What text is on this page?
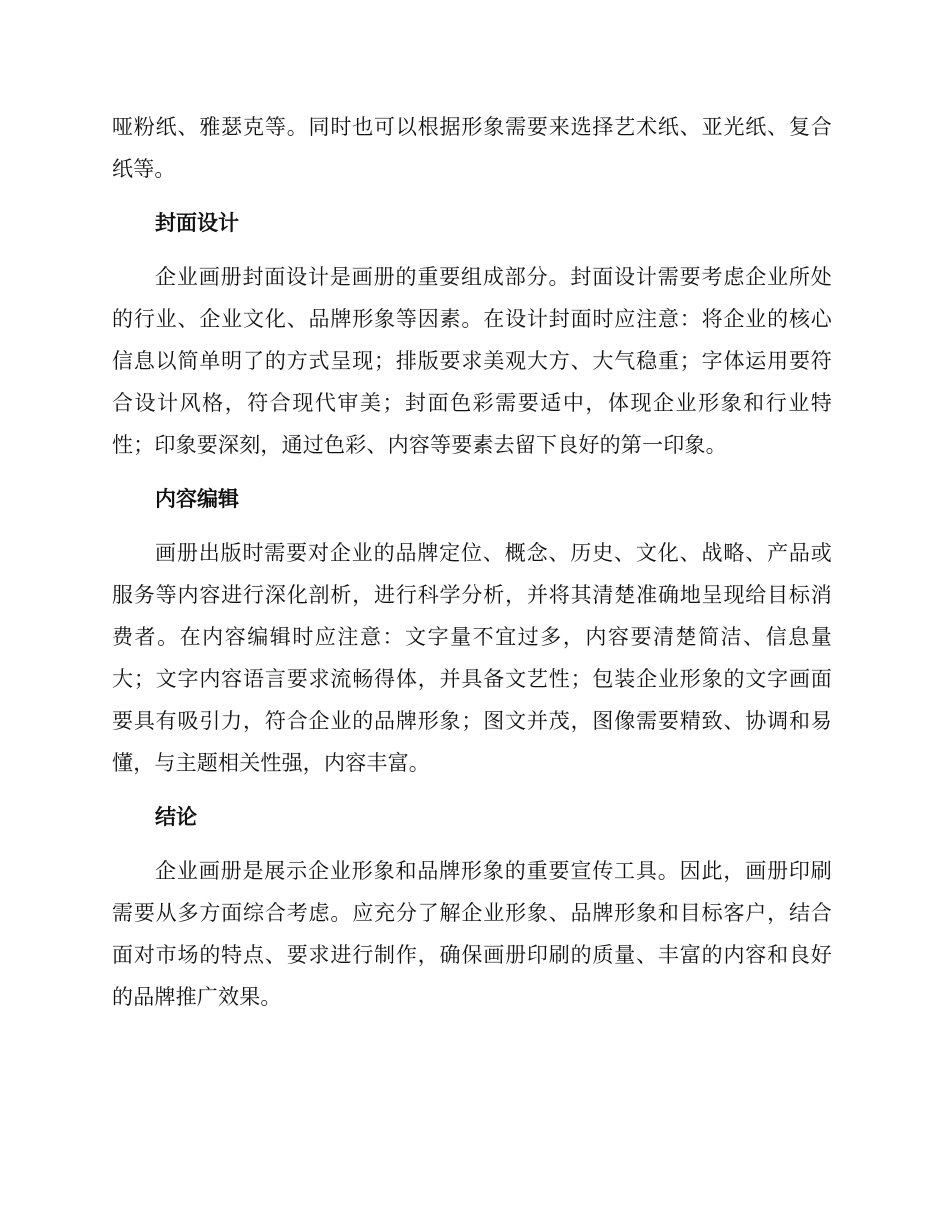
哑粉纸、雅瑟克等。同时也可以根据形象需要来选择艺术纸、亚光纸、复合纸等。

封面设计

企业画册封面设计是画册的重要组成部分。封面设计需要考虑企业所处的行业、企业文化、品牌形象等因素。在设计封面时应注意：将企业的核心信息以简单明了的方式呈现；排版要求美观大方、大气稳重；字体运用要符合设计风格，符合现代审美；封面色彩需要适中，体现企业形象和行业特性；印象要深刻，通过色彩、内容等要素去留下良好的第一印象。

内容编辑

画册出版时需要对企业的品牌定位、概念、历史、文化、战略、产品或服务等内容进行深化剖析，进行科学分析，并将其清楚准确地呈现给目标消费者。在内容编辑时应注意：文字量不宜过多，内容要清楚简洁、信息量大；文字内容语言要求流畅得体，并具备文艺性；包装企业形象的文字画面要具有吸引力，符合企业的品牌形象；图文并茂，图像需要精致、协调和易懂，与主题相关性强，内容丰富。

结论

企业画册是展示企业形象和品牌形象的重要宣传工具。因此，画册印刷需要从多方面综合考虑。应充分了解企业形象、品牌形象和目标客户，结合面对市场的特点、要求进行制作，确保画册印刷的质量、丰富的内容和良好的品牌推广效果。
